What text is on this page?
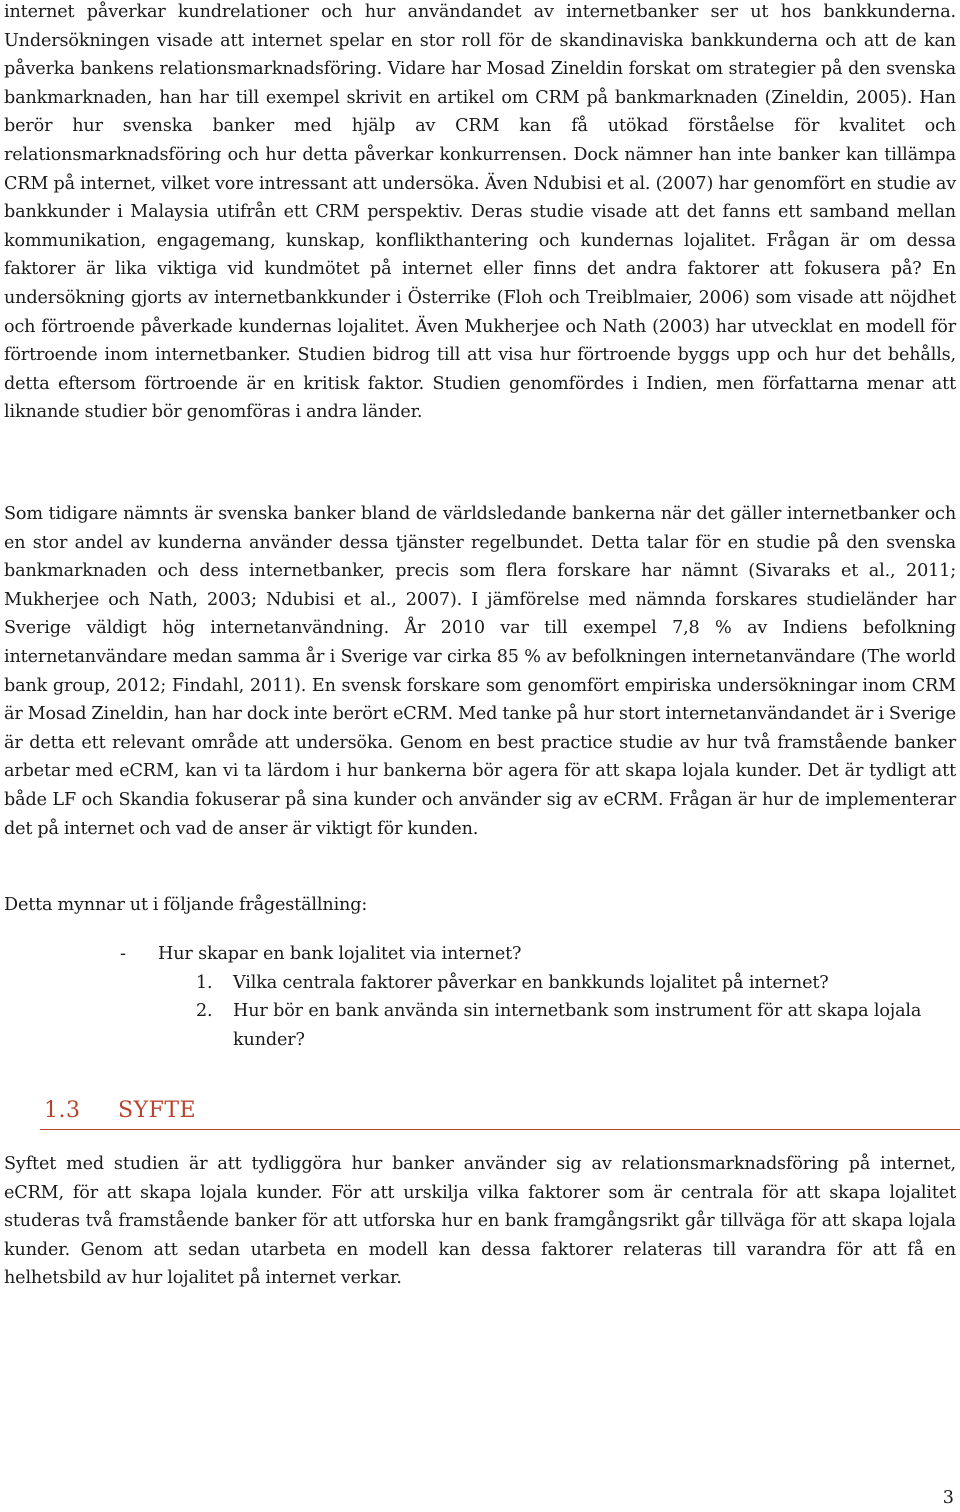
internet påverkar kundrelationer och hur användandet av internetbanker ser ut hos bankkunderna. Undersökningen visade att internet spelar en stor roll för de skandinaviska bankkunderna och att de kan påverka bankens relationsmarknadsföring. Vidare har Mosad Zineldin forskat om strategier på den svenska bankmarknaden, han har till exempel skrivit en artikel om CRM på bankmarknaden (Zineldin, 2005). Han berör hur svenska banker med hjälp av CRM kan få utökad förståelse för kvalitet och relationsmarknadsföring och hur detta påverkar konkurrensen. Dock nämner han inte banker kan tillämpa CRM på internet, vilket vore intressant att undersöka. Även Ndubisi et al. (2007) har genomfört en studie av bankkunder i Malaysia utifrån ett CRM perspektiv. Deras studie visade att det fanns ett samband mellan kommunikation, engagemang, kunskap, konflikthantering och kundernas lojalitet. Frågan är om dessa faktorer är lika viktiga vid kundmötet på internet eller finns det andra faktorer att fokusera på? En undersökning gjorts av internetbankkunder i Österrike (Floh och Treiblmaier, 2006) som visade att nöjdhet och förtroende påverkade kundernas lojalitet. Även Mukherjee och Nath (2003) har utvecklat en modell för förtroende inom internetbanker. Studien bidrog till att visa hur förtroende byggs upp och hur det behålls, detta eftersom förtroende är en kritisk faktor. Studien genomfördes i Indien, men författarna menar att liknande studier bör genomföras i andra länder.

Som tidigare nämnts är svenska banker bland de världsledande bankerna när det gäller internetbanker och en stor andel av kunderna använder dessa tjänster regelbundet. Detta talar för en studie på den svenska bankmarknaden och dess internetbanker, precis som flera forskare har nämnt (Sivaraks et al., 2011; Mukherjee och Nath, 2003; Ndubisi et al., 2007). I jämförelse med nämnda forskares studieländer har Sverige väldigt hög internetanvändning. År 2010 var till exempel 7,8 % av Indiens befolkning internetanvändare medan samma år i Sverige var cirka 85 % av befolkningen internetanvändare (The world bank group, 2012; Findahl, 2011). En svensk forskare som genomfört empiriska undersökningar inom CRM är Mosad Zineldin, han har dock inte berört eCRM. Med tanke på hur stort internetanvändandet är i Sverige är detta ett relevant område att undersöka. Genom en best practice studie av hur två framstående banker arbetar med eCRM, kan vi ta lärdom i hur bankerna bör agera för att skapa lojala kunder. Det är tydligt att både LF och Skandia fokuserar på sina kunder och använder sig av eCRM. Frågan är hur de implementerar det på internet och vad de anser är viktigt för kunden.

Detta mynnar ut i följande frågeställning:

- Hur skapar en bank lojalitet via internet?
1. Vilka centrala faktorer påverkar en bankkunds lojalitet på internet?
2. Hur bör en bank använda sin internetbank som instrument för att skapa lojala kunder?
1.3 SYFTE

Syftet med studien är att tydliggöra hur banker använder sig av relationsmarknadsföring på internet, eCRM, för att skapa lojala kunder. För att urskilja vilka faktorer som är centrala för att skapa lojalitet studeras två framstående banker för att utforska hur en bank framgångsrikt går tillväga för att skapa lojala kunder. Genom att sedan utarbeta en modell kan dessa faktorer relateras till varandra för att få en helhetsbild av hur lojalitet på internet verkar.

3
